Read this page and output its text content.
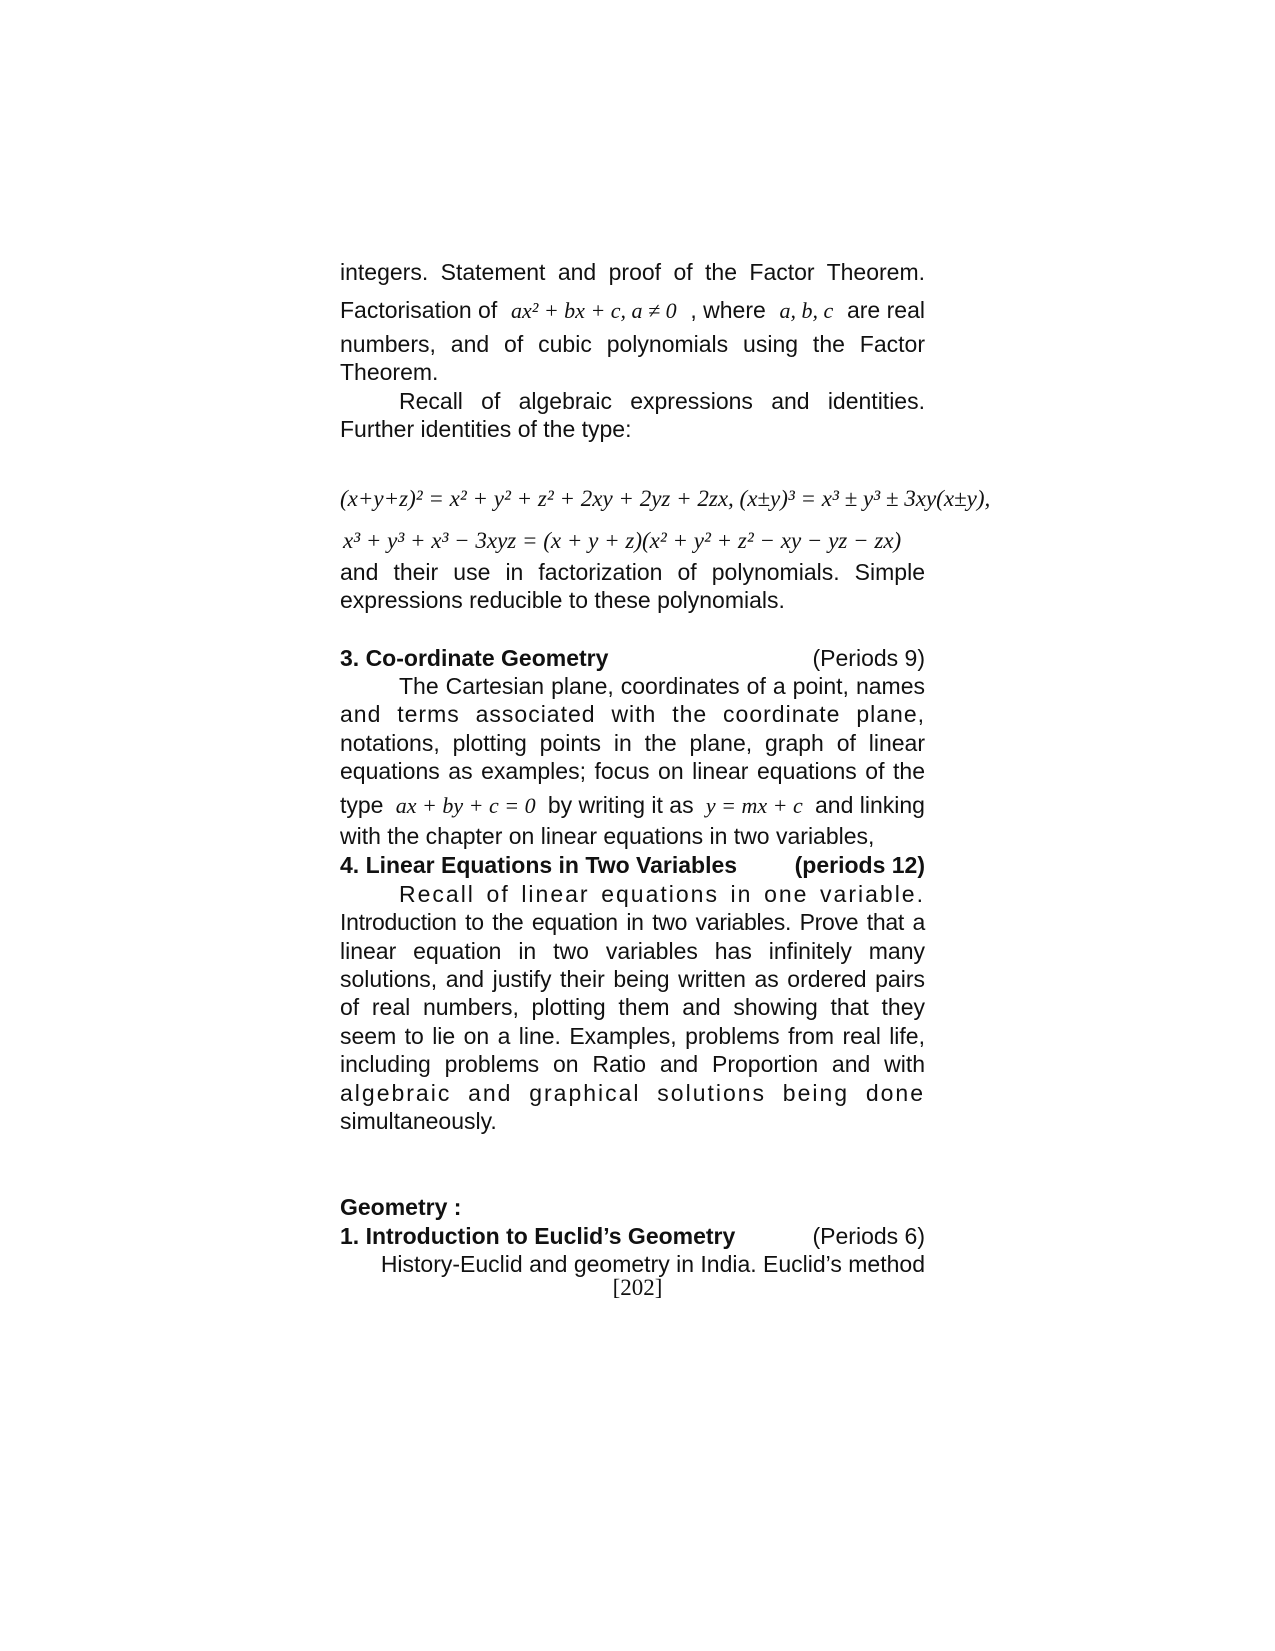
integers. Statement and proof of the Factor Theorem.
Factorisation of ax² + bx + c, a ≠ 0 , where a, b, c are real
numbers, and of cubic polynomials using the Factor
Theorem.
Recall of algebraic expressions and identities.
Further identities of the type:
(x+y+z)² = x² + y² + z² + 2xy + 2yz + 2zx, (x±y)³ = x³ ± y³ ± 3xy(x±y),
x³ + y³ + x³ − 3xyz = (x + y + z)(x² + y² + z² − xy − yz − zx)
and their use in factorization of polynomials. Simple
expressions reducible to these polynomials.
3. Co-ordinate Geometry	(Periods 9)
The Cartesian plane, coordinates of a point, names
and terms associated with the coordinate plane,
notations, plotting points in the plane, graph of linear
equations as examples; focus on linear equations of the
type ax + by + c = 0 by writing it as y = mx + c and linking
with the chapter on linear equations in two variables,
4. Linear Equations in Two Variables	(periods 12)
Recall of linear equations in one variable.
Introduction to the equation in two variables. Prove that a
linear equation in two variables has infinitely many
solutions, and justify their being written as ordered pairs
of real numbers, plotting them and showing that they
seem to lie on a line. Examples, problems from real life,
including problems on Ratio and Proportion and with
algebraic and graphical solutions being done
simultaneously.
Geometry :
1. Introduction to Euclid’s Geometry	(Periods 6)
History-Euclid and geometry in India. Euclid’s method
[202]
